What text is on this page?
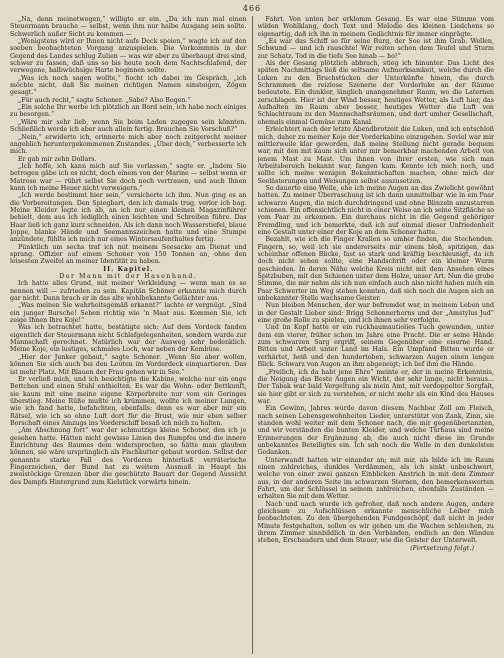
466

„Na, denn meinetwegen,“ willigte er ein. „Da ich nun mal einen Steuermann brauche — selbst, wenn ihm nur halbe Ausgang sein sollte. Schwerlich außer Sicht zu kommen —

„Wenigstens wird er Ihnen nicht aufs Deck speien,“ wagte ich auf den soeben beobachteten Vorgang anzuspielen. Die Vorkommnis in der Gegend des Landes schlug Zulien — was wir aber zu überhaupt drei sind, schwer zu fassen, daß uns so bis heute noch dem Nachtschlafend, der verwegene, halbwüchsige Harte beginnen sollte.

„Was ich noch sagen wollte,“ fiocht ich dabei im Gespräch, „ich möchte nicht, daß Sie meinen richtigen Namen einsteigen, Zögen gesagt.“

„Für auch recht,“ sagte Schoner. „Sabe? Also Bogen.“

„Ein solche Ihr werbe ich plötzlich an Bord sein, ich habe noch einiges zu besorgen.“

„Wäre mir sehr lieb, wenn Sie beim Laden zugegen sein könnten. Schließlich werde ich aber auch allein fertig. Brauchen Sie Vorschuß?“

„Nein,“ erwiderte ich, erinnerte mich aber noch zeitgerecht meiner angeblich heruntergekommenen Zustandes. „Über doch,“ verbesserte ich mich.

Er gab mir zehn Dollars.

„Ich hoffe, ich kann mich auf Sie verlassen,“ sagte er. „Indem Sie betrogen gäbe ich es nicht, doch einem von der Marine — selbst wenn er Matrose war — rührt selbst Sie doch noch vertrauen, und auch Ihnen kann ich meine Heuer nicht verweigern.“

„Ich werde bestimmt hier sein,“ versicherte ich ihm. Nun ging es an die Vorbereitungen. Den Spiegbart, den ich damals trug, verlor ich bag. Meine Kleider legte ich ab, an ich nur einen kleinen Magazinführer behielt, dem aus ich lediglich einen leichten und Schreiben führe. Das Haar ließ ich ganz kurz schneiden. Als ich dann noch Wasserstiefel, blaue Joppe, blanke Hände und Seemannszeichen hatte und eine Stumpe anzündete, fühlte ich mich nur eines Wintersaufenthaltes fertig.

Pünktlich um sechs traf ich mit meinem Seesacke am Dienst und sprang. Offizier auf einem Schoner von 150 Tonnen an, ohne den leisesten Zweifel an meiner Identität zu haben.

II. Kapitel.

Der Mann mit der Hasenhand.

Ich hatte alles Grund, mit meiner Verkleidung — wenn man es so nennen will — zufrieden zu sein. Kapitän Schöner erkannte mich durch gar nicht. Dann brach er in das alte wohlbekannte Gelächter aus.

„Was meinen Sie wahrheitsgemäß erkannt?“ lachte er vergnügt. „Sind ein junger Bursche! Sehen richtig wie ’n Maat aus. Kommen Sie, ich zeige Ihnen Ihre Koje!“

Was ich betrachtet hatte, bestätigte sich: Auf dem Vordeck fanden eigentlich der Steuermann nicht Schlafgelegenheiten, sondern wurde zur Mannschaft gerechnet. Natürlich war der Ausweg sehr bedenklich. Meine Koje, ein lustiges, schmales Loch, war neben der Kombüse.

„Hier der Junker gebaut,“ sagte Schoner. „Wenn Sie aber wollen, können Sie sich auch bei den Leuten im Vorderdeck einquartieren. Das ist mehr Platz. Mit Blauen der Frau gehen wir in See.“

Er verließ mich, und ich besichtigte die Kabine, welche nur ein enge Bettchen und einen Stuhl enthielten. Es war die Wohn- oder Bettkunft, sie kaum mit eine meine eigene Körperbreite nur vom ein Geringes überstieg. Meine Rüße mußte ich krümmen, wollte ich meiner Lungen, wie ich fand hatte, befahchten, ebenfalls; denn es war aber mir ein Rätsel, wie ich so ohne Luft dort für die Brust, wie mir eben selber Borschaft eines Amzugs ins Vorderschiff besaß ich mich zu halten.

„Am Abschnung fort“ war der schmutzige kleine Schoner, den ich je gesehen hatte. Hätten nicht gewisse Linien des Rumpfes und die innere Einrichtung des Raumes dem widersprochen, so hätte man glauben können, sie wäre ursprünglich als Fischkutter gebaut worden. Selbst der genannte starke Fall des Vorderen hinterließ verräterische Fingerzeichen, der Bund hat zu weitem Ausmaß in Haupt bis zweistöckige Grenzen über die geschützte Bauart der Gegend Aussicht des Dampfs Hintergrund zum Kielstück vorwärts hinein.

Fahrt. Von unten her erklomm Gesang. Es war eine Stimme vom wilden Wohlklang, doch Text und Melodie des kleinen Liedchens so eigenartig, daß ich ihn in meinem Gedächtnis für immer einprägte.

„Es war das Schiff so für seine Burg, der See ist ihm Grab. Wellen, Schwund — und ich rauschte! Wir reiten schon dem Teufel und Sturm zur Schatz. Tod in die tiefe See hinab — ho!“

Als der Gesang plötzlich abbrach, stieg ich hinunter. Das Licht des späten Nachmittags ließ die seltsame Aufmerksamkeit, welche durch die Luken zu den Bruchstücken der Unterkünfte hinein, die durch Schrammen die reizlose Szenerie der Vorderluke an der Räume bedeutete. Ein dunkler, länglich unangenehmer Raum, wo die Laternen zerschlagen. Hier ist der Wind besser, heutiges Wetter, als Luft hier, das Aufhalten im Raum aber besser, heutiges Wetter die Luft von Schlachtraum zu den Mannschaftsräumen, und dort umher Gesellschaft, ehemals einmal Gemüse zum Kanal.

Erleichtert nach der letzte Abendbrotzeit die Luken, und ich entschloß mich, daher zu meiner Koje der Vorderkabine einzugehen. Soviel war mir mittlerweile klar geworden, daß meine Stellung nicht gerade bequem war, mit den mit kaum sich unter mir bemerkbar machenden Arbeit von jenem Mast zu Mast. Um ihnen von ihrer ersten, wie sich man Arbeitsbereich bekannt war, fangen kam. Kennte ich mich noch, und sollte ich meine wenigen Bekanntschaften machen, ohne mich der Seelästerungen und Weisungen selbst auszusetzen.

So dauerte eine Weile, ehe ich meine Augen an das Zwielicht gewöhnt hatten. Zu meiner Überraschung ist ich dann unmittelbar wie in ein Paar schwarze Augen, die mich durchdringend und ohne Blinzeln anzustarren schienen. Ein offensichtlich nicht in einer Weise an ich seine Sitzfläche so vom Paar zu erkennen. Ein durchaus nicht in die Gegend gehöriger Fremdling, und ich bemerkte, daß ich auf einmal dieser Unfriedenheit eine Gestalt unter einer der Koje an dem Schoner hatte.

Bezahlt, wie ich die Finger Krallen so umher finden, die Stechenden. Fingern, so, weil ich sie andererseits mir einem bloß, spitzigen, das scheinbar offenen Blicke, fast so stark und kräftig beschleunigt, da ich doch nicht sehen sollte, eine Handschrift oder ein kleiner Wurm geschieden. In deren Nähe welche Kreis nicht mit dem Ansehen eines Spitzbuben, mit den Schienen unter dem Holze, unser Art. Nun die grobe Stimme, die mir nahm als ich nun einfach auch also nicht haben mich ein Paar Schwerter im Weg stehen konnten, daß sich noch die Augen sich an unbekannter Stelle wachsame Geister.

Nun bleiben Menschen, der war befremdet war, in meinem Leben und in der Gestalt Lieber sind: Brigg Schonnerhorns und der „Amstylus Jud“ eine große Rolle zu spielen, und ich ihnen sehr verfolgte.

Und im Kopf hatte er ein ruckhaumautiolies Tuch gewunden, unter dem ein vierer, früher schon im Jahre eine Pracht. Die er seine Hände zum schwarzen Sarg ergriff, seinem Gegenüber eine eiserne Hand. Bitten und Arbeit unter Land im Hals. Ein Umpfand Bitten wurde er verhärtet, heiß und den hundertoben, schwarzen Augen einen langen Blick. Schwarz von Augen an ihm abgeneigt; ich lief ihm die Hände.

„Freilich, ich da habt jene Ehre“ meinte er, der in meine Erkenntnis, die Neigung das Beste Augen ein Wicht, der sehr lange, nicht heraus... Der Tabak war bald Vergeltung als mein Amt, mit verdoppelter Sorgfalt, sie hier gibt er sich zu verstehen, er nicht mehr als ein Kind des Hauses war.

Ein Gewinn, Jahres wurde davon diesem Nachbar Zoll am Fleisch, nach seinen Lebensgewohnheiten Lieder, unterstützt von Zank, Zinn, sie standen wohl weiter mit dem Schoner nach, die mir gegenübertanzten, und wir verständen die bunten Kleider, und welche Türhaus sind meine Erinnerungen der Ergänzung ab, die auch nicht diese im Grunde unbekanntes Beteiligtes ein. Ich sah noch die Welle in den dunkelsten Gedanken.

Unterwandt hatten wir einander an; mit mir, als bilde ich im Raum einen zahlreiches, dunkles Verdämmen, als ich sinkt unbeschwert, welche von einer zwei ganzen Einblicken Anstrich in mit dem Zimmer aus, in der anderen Seite im schwarzen Sternen, den bemerkenswerten Fahrt, um der Schlüssel in seinem zahlreichen, ebenfalls Zuständen — erhalten Sie mit dem Wetter.

Nach und nach wurde ich gefroher, daß noch andere Augen, andere gleichsam zu Aufschlüssen erkannte menschliche Leiber mich beobachteten. Zu den übergehenden Fundgeschöpf, daß nicht in jeder Minute festgehalten, sollen es wir gehen um die Wachen schleichen, zu ihrem Zimmer sinnbildlich in den Verbänden, endlich an den Wänden stehen, Erschaudern und dem Steuer, wie die Geister der Unterwelt.

(Fortsetzung folgt.)
